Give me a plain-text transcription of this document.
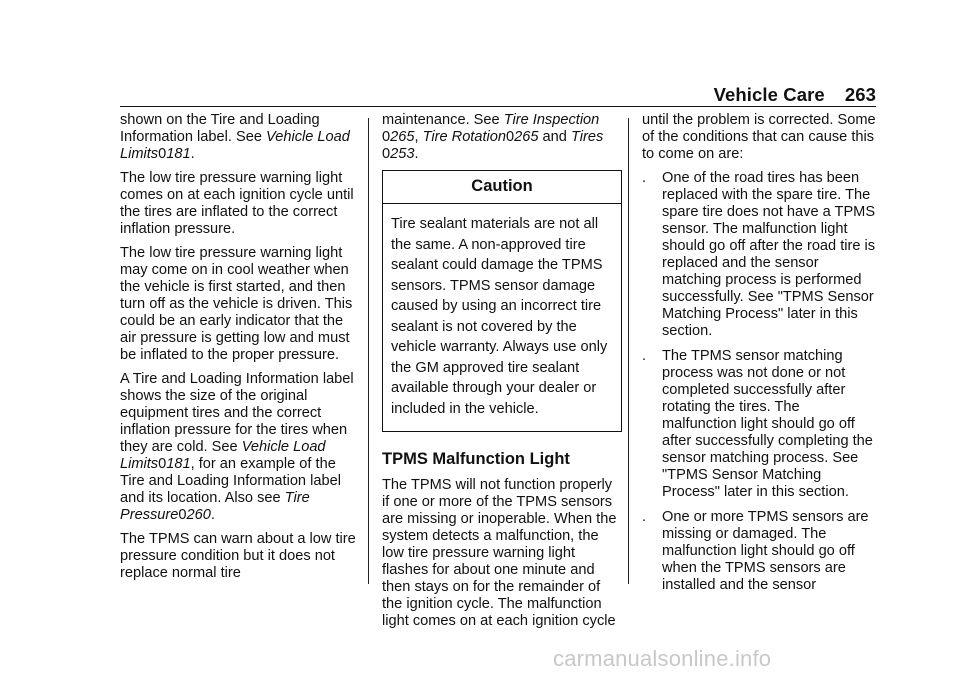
Vehicle Care 263

shown on the Tire and Loading Information label. See Vehicle Load Limits0181.

The low tire pressure warning light comes on at each ignition cycle until the tires are inflated to the correct inflation pressure.

The low tire pressure warning light may come on in cool weather when the vehicle is first started, and then turn off as the vehicle is driven. This could be an early indicator that the air pressure is getting low and must be inflated to the proper pressure.

A Tire and Loading Information label shows the size of the original equipment tires and the correct inflation pressure for the tires when they are cold. See Vehicle Load Limits0181, for an example of the Tire and Loading Information label and its location. Also see Tire Pressure0260.

The TPMS can warn about a low tire pressure condition but it does not replace normal tire

maintenance. See Tire Inspection
0265, Tire Rotation0265 and Tires
0253.

Caution
Tire sealant materials are not all the same. A non-approved tire sealant could damage the TPMS sensors. TPMS sensor damage caused by using an incorrect tire sealant is not covered by the vehicle warranty. Always use only the GM approved tire sealant available through your dealer or included in the vehicle.
TPMS Malfunction Light

The TPMS will not function properly if one or more of the TPMS sensors are missing or inoperable. When the system detects a malfunction, the low tire pressure warning light flashes for about one minute and then stays on for the remainder of the ignition cycle. The malfunction light comes on at each ignition cycle

until the problem is corrected. Some of the conditions that can cause this to come on are:

.	One of the road tires has been replaced with the spare tire. The spare tire does not have a TPMS sensor. The malfunction light should go off after the road tire is replaced and the sensor matching process is performed successfully. See "TPMS Sensor Matching Process" later in this section.
.	The TPMS sensor matching process was not done or not completed successfully after rotating the tires. The malfunction light should go off after successfully completing the sensor matching process. See "TPMS Sensor Matching Process" later in this section.
.	One or more TPMS sensors are missing or damaged. The malfunction light should go off when the TPMS sensors are installed and the sensor
carmanualsonline.info
